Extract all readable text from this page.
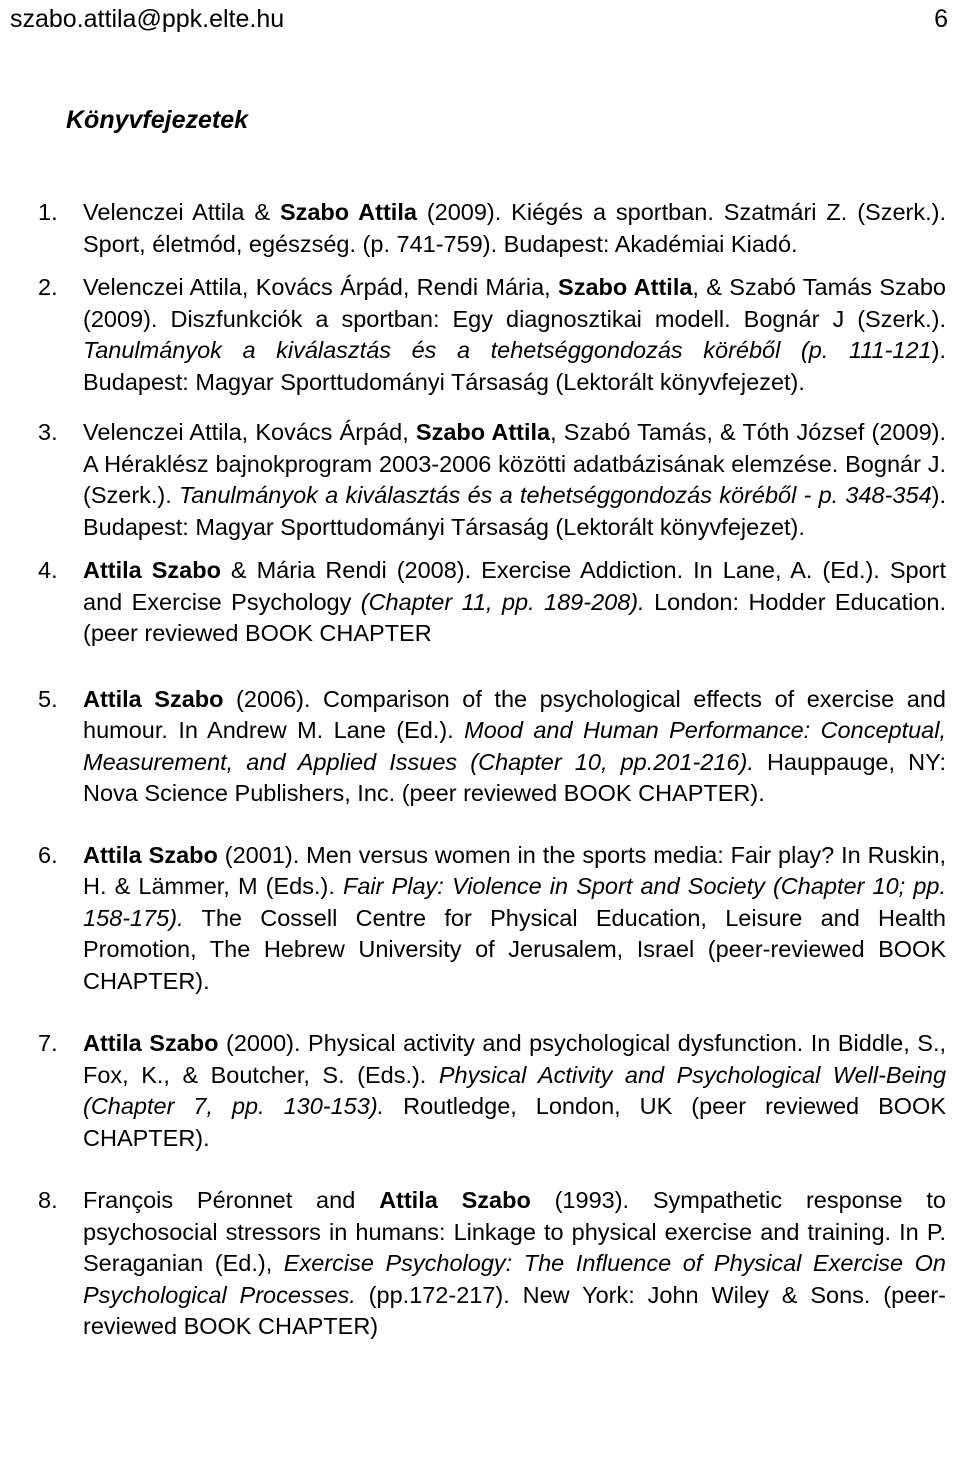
szabo.attila@ppk.elte.hu	6
Könyvfejezetek
1. Velenczei Attila & Szabo Attila (2009). Kiégés a sportban. Szatmári Z. (Szerk.). Sport, életmód, egészség. (p. 741-759). Budapest: Akadémiai Kiadó.
2. Velenczei Attila, Kovács Árpád, Rendi Mária, Szabo Attila, & Szabó Tamás Szabo (2009). Diszfunkciók a sportban: Egy diagnosztikai modell. Bognár J (Szerk.). Tanulmányok a kiválasztás és a tehetséggondozás köréből (p. 111-121). Budapest: Magyar Sporttudományi Társaság (Lektorált könyvfejezet).
3. Velenczei Attila, Kovács Árpád, Szabo Attila, Szabó Tamás, & Tóth József (2009). A Héraklész bajnokprogram 2003-2006 közötti adatbázisának elemzése. Bognár J. (Szerk.). Tanulmányok a kiválasztás és a tehetséggondozás köréből - p. 348-354). Budapest: Magyar Sporttudományi Társaság (Lektorált könyvfejezet).
4. Attila Szabo & Mária Rendi (2008). Exercise Addiction. In Lane, A. (Ed.). Sport and Exercise Psychology (Chapter 11, pp. 189-208). London: Hodder Education. (peer reviewed BOOK CHAPTER
5. Attila Szabo (2006). Comparison of the psychological effects of exercise and humour. In Andrew M. Lane (Ed.). Mood and Human Performance: Conceptual, Measurement, and Applied Issues (Chapter 10, pp.201-216). Hauppauge, NY: Nova Science Publishers, Inc. (peer reviewed BOOK CHAPTER).
6. Attila Szabo (2001). Men versus women in the sports media: Fair play? In Ruskin, H. & Lämmer, M (Eds.). Fair Play: Violence in Sport and Society (Chapter 10; pp. 158-175). The Cossell Centre for Physical Education, Leisure and Health Promotion, The Hebrew University of Jerusalem, Israel (peer-reviewed BOOK CHAPTER).
7. Attila Szabo (2000). Physical activity and psychological dysfunction. In Biddle, S., Fox, K., & Boutcher, S. (Eds.). Physical Activity and Psychological Well-Being (Chapter 7, pp. 130-153). Routledge, London, UK (peer reviewed BOOK CHAPTER).
8. François Péronnet and Attila Szabo (1993). Sympathetic response to psychosocial stressors in humans: Linkage to physical exercise and training. In P. Seraganian (Ed.), Exercise Psychology: The Influence of Physical Exercise On Psychological Processes. (pp.172-217). New York: John Wiley & Sons. (peer-reviewed BOOK CHAPTER)
